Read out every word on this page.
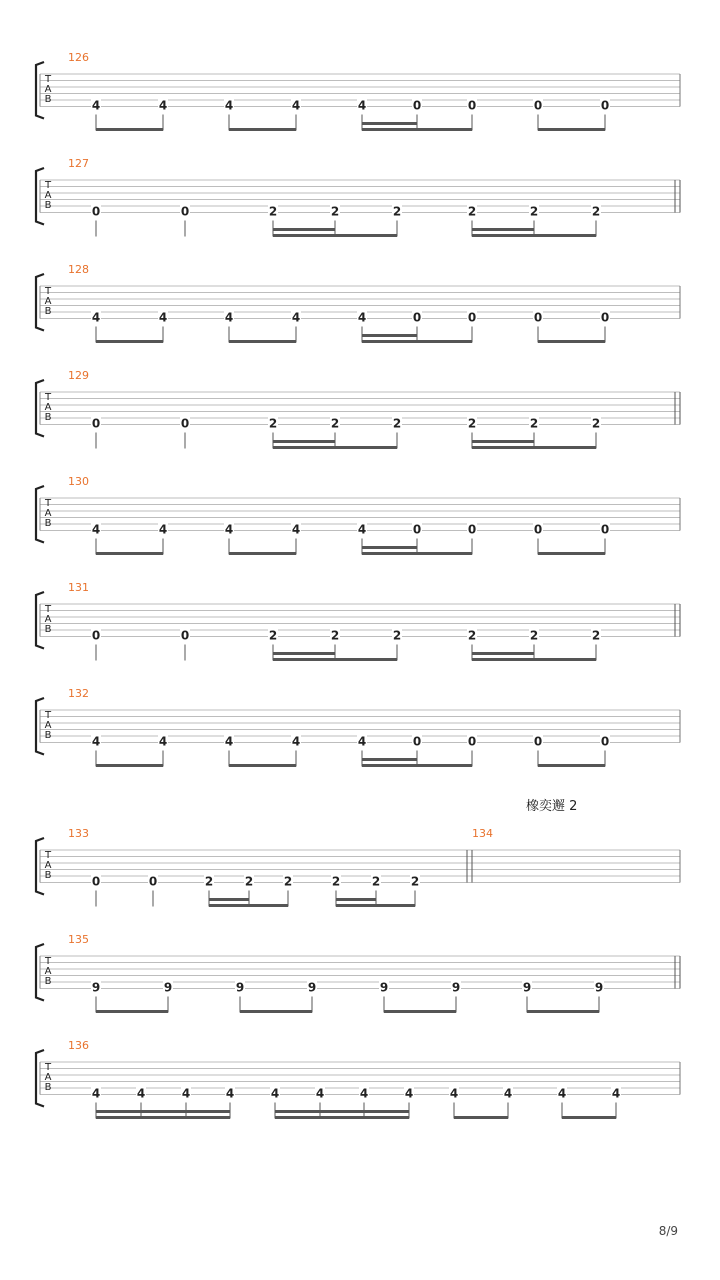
T
A
B
126
4	4	4	4	4	0	0	0	0
T
A
B
127
0	0	2	2	2	2	2	2
T
A
B
128
4	4	4	4	4	0	0	0	0
T
A
B
129
0	0	2	2	2	2	2	2
T
A
B
130
4	4	4	4	4	0	0	0	0
T
A
B
131
0	0	2	2	2	2	2	2
T
A
B
132
4	4	4	4	4	0	0	0	0
T
A
B
133	134
橡奕邂 2
0	0	2	2	2	2	2	2
T
A
B
135
9	9	9	9	9	9	9	9
T
A
B
136
4	4	4	4	4	4	4	4	4	4	4	4
8/9
